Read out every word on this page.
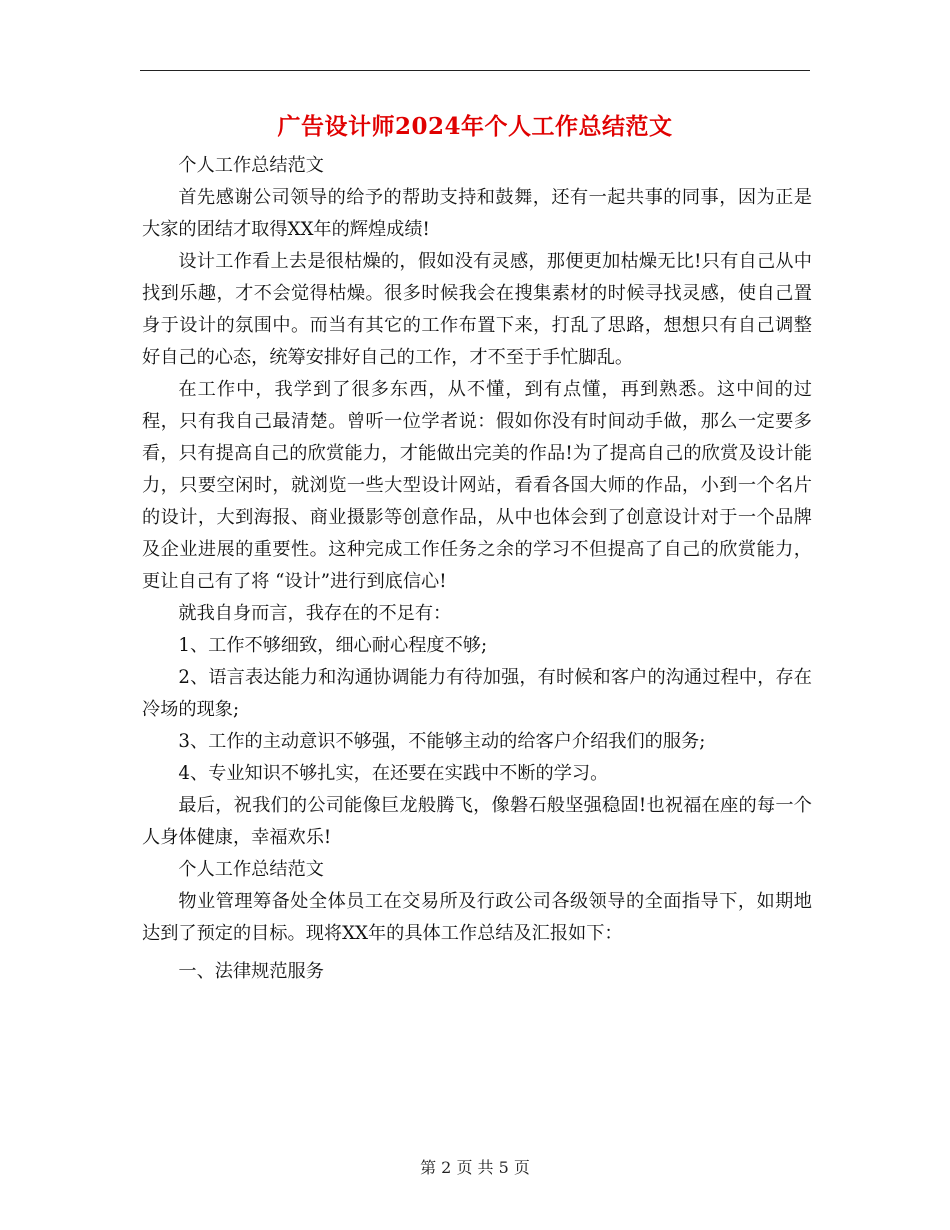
广告设计师2024年个人工作总结范文

个人工作总结范文

首先感谢公司领导的给予的帮助支持和鼓舞，还有一起共事的同事，因为正是大家的团结才取得XX年的辉煌成绩!

设计工作看上去是很枯燥的，假如没有灵感，那便更加枯燥无比!只有自己从中找到乐趣，才不会觉得枯燥。很多时候我会在搜集素材的时候寻找灵感，使自己置身于设计的氛围中。而当有其它的工作布置下来，打乱了思路，想想只有自己调整好自己的心态，统筹安排好自己的工作，才不至于手忙脚乱。

在工作中，我学到了很多东西，从不懂，到有点懂，再到熟悉。这中间的过程，只有我自己最清楚。曾听一位学者说：假如你没有时间动手做，那么一定要多看，只有提高自己的欣赏能力，才能做出完美的作品!为了提高自己的欣赏及设计能力，只要空闲时，就浏览一些大型设计网站，看看各国大师的作品，小到一个名片的设计，大到海报、商业摄影等创意作品，从中也体会到了创意设计对于一个品牌及企业进展的重要性。这种完成工作任务之余的学习不但提高了自己的欣赏能力，更让自己有了将 “设计”进行到底信心!

就我自身而言，我存在的不足有：

1、工作不够细致，细心耐心程度不够;

2、语言表达能力和沟通协调能力有待加强，有时候和客户的沟通过程中，存在冷场的现象;

3、工作的主动意识不够强，不能够主动的给客户介绍我们的服务;

4、专业知识不够扎实，在还要在实践中不断的学习。

最后，祝我们的公司能像巨龙般腾飞，像磐石般坚强稳固!也祝福在座的每一个人身体健康，幸福欢乐!

个人工作总结范文

物业管理筹备处全体员工在交易所及行政公司各级领导的全面指导下，如期地达到了预定的目标。现将XX年的具体工作总结及汇报如下：

一、法律规范服务

第 2 页 共 5 页
